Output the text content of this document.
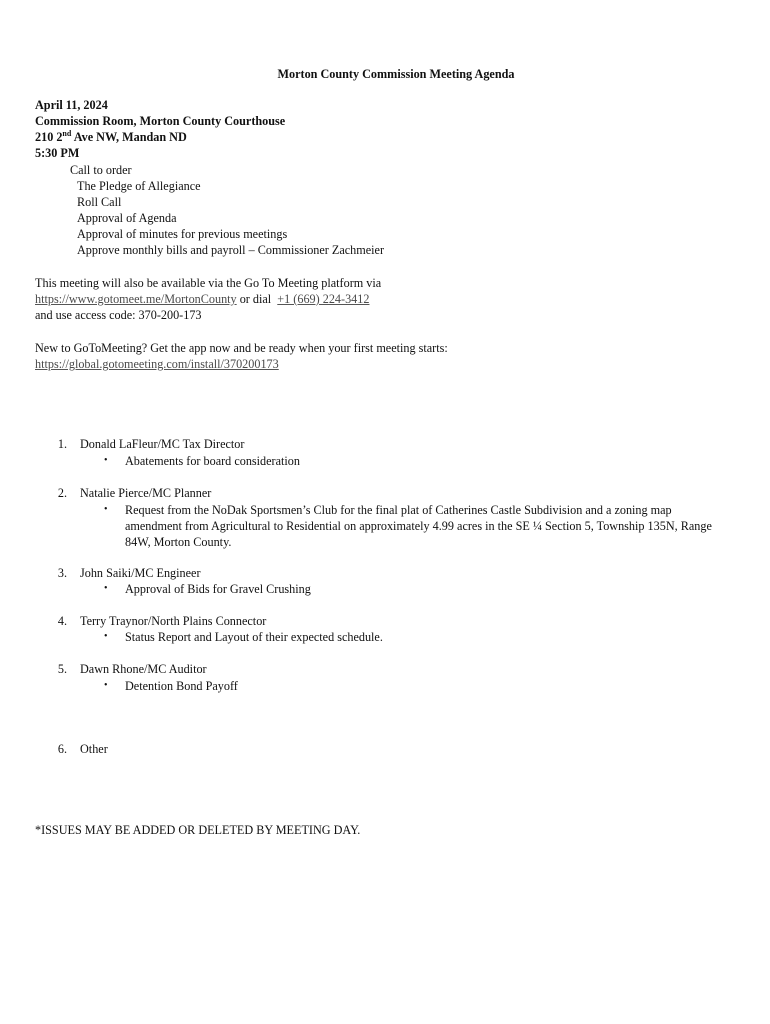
Morton County Commission Meeting Agenda
April 11, 2024
Commission Room, Morton County Courthouse
210 2nd Ave NW, Mandan ND
5:30 PM
Call to order
The Pledge of Allegiance
Roll Call
Approval of Agenda
Approval of minutes for previous meetings
Approve monthly bills and payroll – Commissioner Zachmeier
This meeting will also be available via the Go To Meeting platform via
https://www.gotomeet.me/MortonCounty or dial  +1 (669) 224-3412
and use access code: 370-200-173
New to GoToMeeting? Get the app now and be ready when your first meeting starts:
https://global.gotomeeting.com/install/370200173
1. Donald LaFleur/MC Tax Director
• Abatements for board consideration
2. Natalie Pierce/MC Planner
• Request from the NoDak Sportsmen’s Club for the final plat of Catherines Castle Subdivision and a zoning map amendment from Agricultural to Residential on approximately 4.99 acres in the SE ¼ Section 5, Township 135N, Range 84W, Morton County.
3. John Saiki/MC Engineer
• Approval of Bids for Gravel Crushing
4. Terry Traynor/North Plains Connector
• Status Report and Layout of their expected schedule.
5. Dawn Rhone/MC Auditor
• Detention Bond Payoff
6. Other
*ISSUES MAY BE ADDED OR DELETED BY MEETING DAY.
